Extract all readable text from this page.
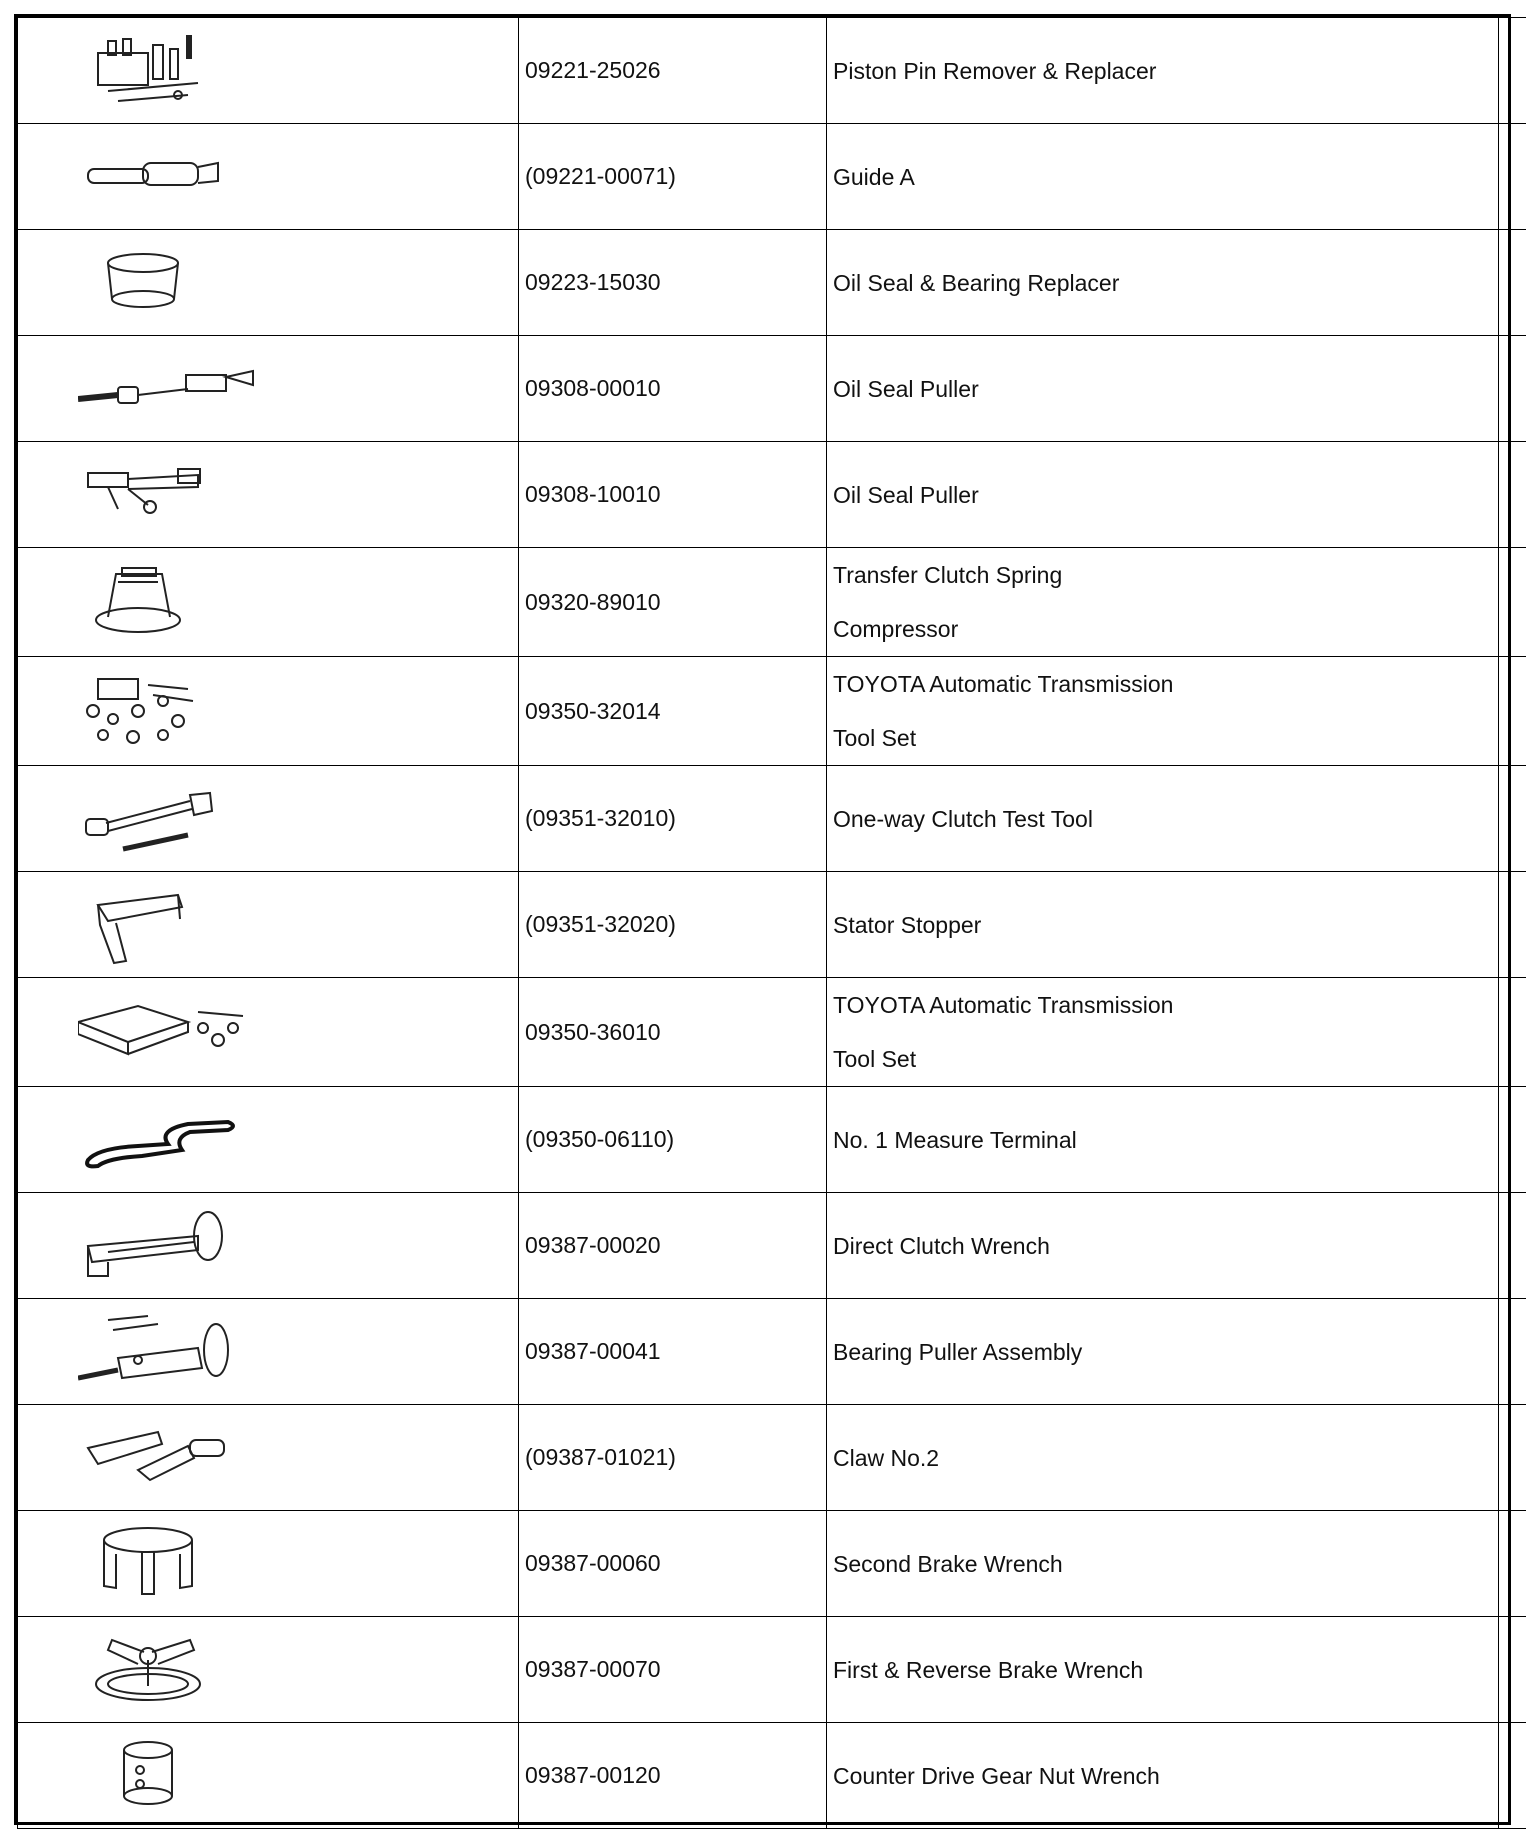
	09221-25026	Piston Pin Remover & Replacer	

	(09221-00071)	Guide A	

	09223-15030	Oil Seal & Bearing Replacer	

	09308-00010	Oil Seal Puller	

	09308-10010	Oil Seal Puller	

	09320-89010	Transfer Clutch Spring
Compressor	

	09350-32014	TOYOTA Automatic Transmission
Tool Set	

	(09351-32010)	One-way Clutch Test Tool	

	(09351-32020)	Stator Stopper	

	09350-36010	TOYOTA Automatic Transmission
Tool Set	

	(09350-06110)	No. 1 Measure Terminal	

	09387-00020	Direct Clutch Wrench	

	09387-00041	Bearing Puller Assembly	

	(09387-01021)	Claw No.2	

	09387-00060	Second Brake Wrench	

	09387-00070	First & Reverse Brake Wrench	

	09387-00120	Counter Drive Gear Nut Wrench	
